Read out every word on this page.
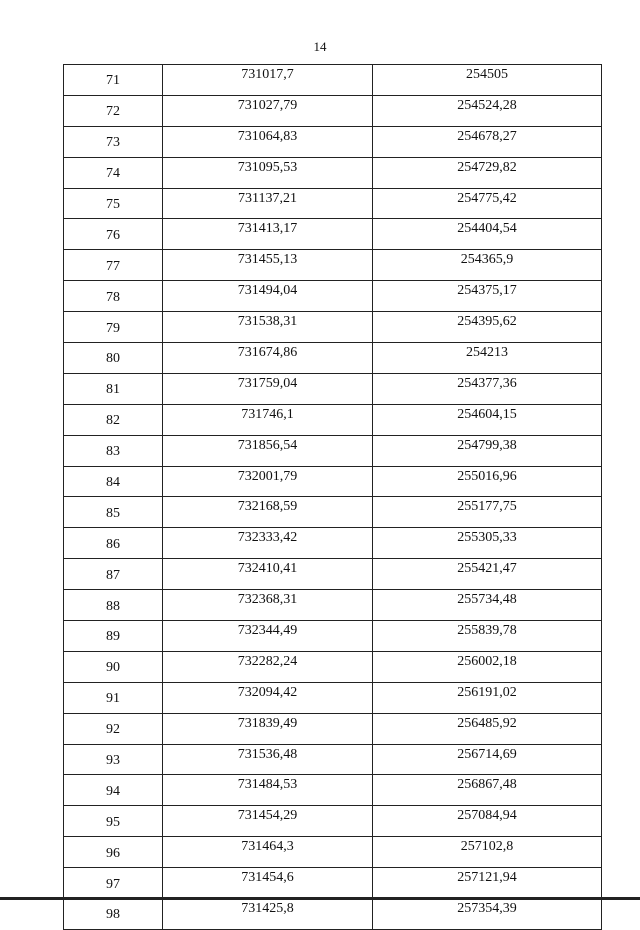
14
71	731017,7	254505
72	731027,79	254524,28
73	731064,83	254678,27
74	731095,53	254729,82
75	731137,21	254775,42
76	731413,17	254404,54
77	731455,13	254365,9
78	731494,04	254375,17
79	731538,31	254395,62
80	731674,86	254213
81	731759,04	254377,36
82	731746,1	254604,15
83	731856,54	254799,38
84	732001,79	255016,96
85	732168,59	255177,75
86	732333,42	255305,33
87	732410,41	255421,47
88	732368,31	255734,48
89	732344,49	255839,78
90	732282,24	256002,18
91	732094,42	256191,02
92	731839,49	256485,92
93	731536,48	256714,69
94	731484,53	256867,48
95	731454,29	257084,94
96	731464,3	257102,8
97	731454,6	257121,94
98	731425,8	257354,39
